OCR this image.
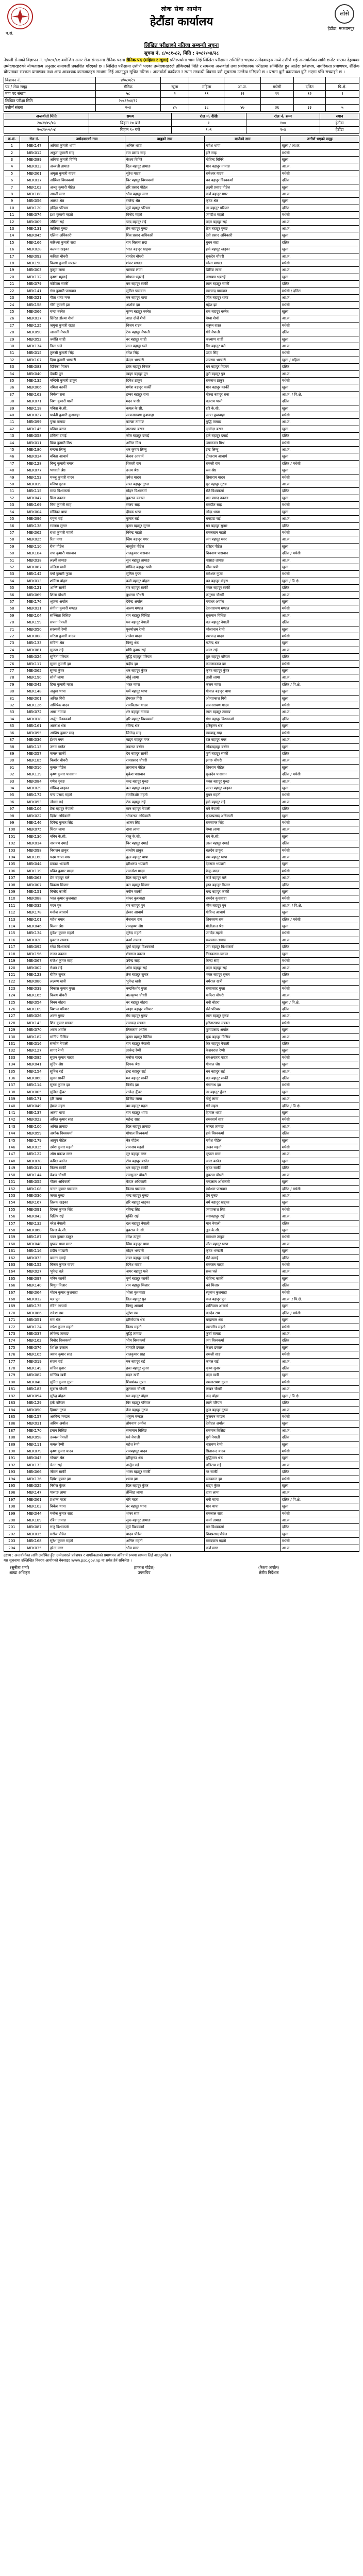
लोक सेवा आयोग
हेटौंडा कार्यालय
लोसे
हेटौंडा, मकवानपुर
प.सं.
लिखित परीक्षाको नतिजा सम्बन्धी सूचना
सूचना नं. ८/०८१-८२, मिति : २०८१/०४/२८
नेपाली सेनाको विज्ञापन नं. ४/०८०/८१ बमोजिम अमर सेना संगठनमा सैनिक पदमा सैनिक पद (महिला र खुला) प्रतिस्पर्धामा भाग लिई लिखित परीक्षामा सम्मिलित भएका उम्मेदवारहरु मध्ये उत्तीर्ण भई अन्तर्वार्ताका लागि छनोट भएका देहायका उम्मेदवारहरुको योग्यताक्रम अनुसार नामावली प्रकाशित गरिएको छ । लिखित परीक्षामा उत्तीर्ण भएका उम्मेदवारहरुले तोकिएको मिति र समयमा अन्तर्वार्ता तथा प्रयोगात्मक परीक्षामा सम्मिलित हुन आउँदा प्रवेशपत्र, नागरिकता प्रमाणपत्र, शैक्षिक योग्यताका सक्कल प्रमाणपत्र तथा अन्य आवश्यक कागजातहरु साथमा लिई आउनुहुन सूचित गरिन्छ । अन्तर्वार्ता कार्यक्रम र स्थान सम्बन्धी विवरण यसै सूचनामा उल्लेख गरिएको छ । यसमा कुनै कारणवश त्रुटि भएमा पछि सच्याइने छ ।
विज्ञापन नं.	४/०८०/८१						
पद / सेवा समूह	सैनिक	खुला	महिला	आ.ज.	मधेसी	दलित	पि.क्षे.
माग पद संख्या	५८	२	११	१२	११	१२	१
लिखित परीक्षा मिति	२०८१/०४/१२						
उत्तीर्ण संख्या	२०४	४५	३८	४७	३६	३३	५
अन्तर्वार्ता मिति	समय	रोल नं. देखि	रोल नं. सम्म	स्थान
२०८१/०५/०३	बिहान १० बजे	१	१००	हेटौंडा
२०८१/०५/०४	बिहान १० बजे	१०१	२०४	हेटौंडा
क्र.सं.	रोल नं.	उम्मेदवारको नाम	बाबुको नाम	बाजेको नाम	उत्तीर्ण भएको समूह
1	MEK147	अनिता कुमारी थापा	अनिल थापा	गणेश थापा	खुला / आ.ज.
2	MEK012	अनुजा कुमारी साह	राम प्रसाद साह	हरि साह	मधेसी
3	MEK089	अनिषा कुमारी घिमिरे	केशव घिमिरे	गोविन्द घिमिरे	खुला
4	MEK033	अन्जली तामाङ	दिल बहादुर तामाङ	मान बहादुर तामाङ	आ.ज.
5	MEK061	अमृता कुमारी यादव	सुरेश यादव	रामेश्वर यादव	मधेसी
6	MEK017	अस्मिता विश्वकर्मा	बिर बहादुर विश्वकर्मा	धन बहादुर विश्वकर्मा	दलित
7	MEK102	अञ्जु कुमारी पौडेल	हरि प्रसाद पौडेल	लक्ष्मी प्रसाद पौडेल	खुला
8	MEK188	आरती मगर	भीम बहादुर मगर	कर्ण बहादुर मगर	आ.ज.
9	MEK056	आस्था श्रेष्ठ	राजेन्द्र श्रेष्ठ	कृष्ण श्रेष्ठ	खुला
10	MEK120	इन्दिरा परियार	सुर्य बहादुर परियार	नर बहादुर परियार	दलित
11	MEK074	इशा कुमारी महतो	विनोद महतो	जगदीश महतो	मधेसी
12	MEK009	उर्मिला राई	चन्द्र बहादुर राई	पदम बहादुर राई	आ.ज.
13	MEK131	ऋतिका गुरुङ	प्रेम बहादुर गुरुङ	तेज बहादुर गुरुङ	आ.ज.
14	MEK045	एलिना अधिकारी	शिव प्रसाद अधिकारी	देवी प्रसाद अधिकारी	खुला
15	MEK166	करिश्मा कुमारी सदा	राम विलास सदा	बुधन सदा	दलित
16	MEK028	कल्पना खड्का	भरत बहादुर खड्का	हर्क बहादुर खड्का	खुला
17	MEK093	कविता चौधरी	रामदेव चौधरी	सुकदेव चौधरी	आ.ज.
18	MEK150	किरण कुमारी मण्डल	शंकर मण्डल	भोला मण्डल	मधेसी
19	MEK003	कुसुम लामा	पासाङ लामा	छिरिङ लामा	आ.ज.
20	MEK112	कृष्णा भट्टराई	गोपाल भट्टराई	नारायण भट्टराई	खुला
21	MEK079	कोपिला सार्की	बम बहादुर सार्की	लाल बहादुर सार्की	दलित
22	MEK141	गंगा कुमारी पासवान	सुनिल पासवान	रामचन्द्र पासवान	मधेसी / दलित
23	MEK021	गीता थापा मगर	मन बहादुर थापा	जीत बहादुर थापा	आ.ज.
24	MEK158	गौरी कुमारी झा	अशोक झा	महेश झा	मधेसी
25	MEK066	चन्दा बस्नेत	कृष्ण बहादुर बस्नेत	राम बहादुर बस्नेत	खुला
26	MEK037	छिरिङ डोल्मा शेर्पा	आङ दोर्जे शेर्पा	पेम्बा शेर्पा	आ.ज.
27	MEK125	जमुना कुमारी राउत	विजय राउत	शत्रुघ्न राउत	मधेसी
28	MEK090	जानकी नेपाली	टेक बहादुर नेपाली	गोरे नेपाली	दलित
29	MEK052	ज्योति शाही	नर बहादुर शाही	कल्याण शाही	खुला
30	MEK174	डिला घले	सन्त बहादुर घले	बिर बहादुर घले	आ.ज.
31	MEK015	तुलसी कुमारी सिंह	रमेश सिंह	उदय सिंह	मधेसी
32	MEK107	दिपा कुमारी भण्डारी	केदार भण्डारी	जयराम भण्डारी	खुला / महिला
33	MEK083	दिपिका मिजार	हस्त बहादुर मिजार	धन बहादुर मिजार	दलित
34	MEK040	देवकी पुन	खड्ग बहादुर पुन	पुर्ण बहादुर पुन	आ.ज.
35	MEK135	नन्दिनी कुमारी ठाकुर	दिनेश ठाकुर	रामनाथ ठाकुर	मधेसी
36	MEK006	नमिता कार्की	गणेश बहादुर कार्की	मान बहादुर कार्की	खुला
37	MEK163	निर्मला राना	डम्बर बहादुर राना	गोरख बहादुर राना	आ.ज. / पि.क्षे.
38	MEK071	निशा कुमारी पासी	मदन पासी	बलराम पासी	दलित
39	MEK118	पवित्रा के.सी.	कमल के.सी.	हरि के.सी.	खुला
40	MEK027	पार्वती कुमारी कुशवाहा	सत्यनारायण कुशवाहा	जगत कुशवाहा	मधेसी
41	MEK099	पुजा तामाङ	कान्छा तामाङ	बुद्धि तामाङ	आ.ज.
42	MEK145	प्रतिमा बराल	नारायण बराल	दामोदर बराल	खुला
43	MEK058	प्रमिला दमाई	जीत बहादुर दमाई	हर्क बहादुर दमाई	दलित
44	MEK011	प्रिया कुमारी मिश्र	अनिल मिश्र	उमाकान्त मिश्र	मधेसी
45	MEK180	बन्दना लिम्बु	धन कुमार लिम्बु	इन्द्र लिम्बु	आ.ज.
46	MEK034	बबिता आचार्य	केशव आचार्य	टीकाराम आचार्य	खुला
47	MEK128	बिन्दु कुमारी चमार	शिवजी राम	रामजी राम	दलित / मधेसी
48	MEK077	भगवती श्रेष्ठ	उत्तम श्रेष्ठ	रत्न श्रेष्ठ	खुला
49	MEK153	मञ्जु कुमारी यादव	उमेश यादव	सियाराम यादव	मधेसी
50	MEK019	मनिषा गुरुङ	लाल बहादुर गुरुङ	सुर बहादुर गुरुङ	आ.ज.
51	MEK115	माया विश्वकर्मा	मोहन विश्वकर्मा	सेते विश्वकर्मा	दलित
52	MEK047	मिना ढकाल	युवराज ढकाल	पद्म प्रसाद ढकाल	खुला
53	MEK169	मिरा कुमारी साह	संजय साह	रामप्रीत साह	मधेसी
54	MEK004	मोनिका थापा	दीपक थापा	नरेन्द्र थापा	खुला
55	MEK096	यमुना राई	कुमार राई	धनहाङ राई	आ.ज.
56	MEK138	रञ्जना सुनार	कृष्ण बहादुर सुनार	मन बहादुर सुनार	दलित
57	MEK062	राधा कुमारी महतो	बिरेन्द्र महतो	रामलखन महतो	मधेसी
58	MEK025	रिता मगर	खिम बहादुर मगर	जंग बहादुर मगर	आ.ज.
59	MEK110	रीना पौडेल	बासुदेव पौडेल	हरिहर पौडेल	खुला
60	MEK184	रुपा कुमारी पासवान	राजकुमार पासवान	शिवनाथ पासवान	दलित / मधेसी
61	MEK038	लक्ष्मी तामाङ	सुन बहादुर तामाङ	पासाङ तामाङ	आ.ज.
62	MEK087	ललिता खत्री	गोविन्द बहादुर खत्री	भीम खत्री	खुला
63	MEK142	वर्षा कुमारी गुप्ता	सुनिल गुप्ता	रामेश्वर गुप्ता	मधेसी
64	MEK013	शर्मिला बोहरा	कर्ण बहादुर बोहरा	धन बहादुर बोहरा	खुला / पि.क्षे.
65	MEK121	शान्ति सार्की	रण बहादुर सार्की	भक्त बहादुर सार्की	दलित
66	MEK069	शिला चौधरी	बुधराम चौधरी	फगुराम चौधरी	आ.ज.
67	MEK176	श्रृजना अर्याल	देवेन्द्र अर्याल	गंगाधर अर्याल	खुला
68	MEK031	संगीता कुमारी मण्डल	अरुण मण्डल	देवनारायण मण्डल	मधेसी
69	MEK104	सञ्जिता घिसिङ	राम बहादुर घिसिङ	सुकमान घिसिङ	आ.ज.
70	MEK159	सपना नेपाली	धन बहादुर नेपाली	बल बहादुर नेपाली	दलित
71	MEK050	सरस्वती रेग्मी	पुरुषोत्तम रेग्मी	भोलानाथ रेग्मी	खुला
72	MEK008	सरिता कुमारी यादव	राजेश यादव	रामचन्द्र यादव	मधेसी
73	MEK133	सविना श्रेष्ठ	विष्णु श्रेष्ठ	गजेन्द्र श्रेष्ठ	खुला
74	MEK081	सुजता राई	मणि कुमार राई	अमर राई	आ.ज.
75	MEK024	सुनिता परियार	बुद्धि बहादुर परियार	तुल बहादुर परियार	दलित
76	MEK117	सुमन कुमारी झा	प्रदीप झा	कमलाकान्त झा	मधेसी
77	MEK065	सुष्मा कुँवर	धन बहादुर कुँवर	कृष्ण बहादुर कुँवर	खुला
78	MEK190	सोनी लामा	नोर्बु लामा	ताशी लामा	आ.ज.
79	MEK042	हिमा कुमारी महरा	भरत महरा	कलम महरा	दलित / पि.क्षे.
80	MEK148	अनुसा थापा	धर्म बहादुर थापा	गोपाल बहादुर थापा	खुला
81	MEK001	अपिल गिरी	हेमराज गिरी	ओमप्रकाश गिरी	खुला
82	MEK126	अभिषेक यादव	रामविलास यादव	जयनारायण यादव	मधेसी
83	MEK072	अमर तामाङ	शेर बहादुर तामाङ	लाल बहादुर तामाङ	आ.ज.
84	MEK018	अर्जुन विश्वकर्मा	हरि बहादुर विश्वकर्मा	गंगा बहादुर विश्वकर्मा	दलित
85	MEK161	आकाश श्रेष्ठ	रविन्द्र श्रेष्ठ	हरिकृष्ण श्रेष्ठ	खुला
86	MEK095	आशिष कुमार साह	जितेन्द्र साह	रामबाबु साह	मधेसी
87	MEK036	ईश्वर मगर	खड्ग बहादुर मगर	दल बहादुर मगर	आ.ज.
88	MEK113	उत्तम बस्नेत	नवराज बस्नेत	लोकबहादुर बस्नेत	खुला
89	MEK057	कमल सार्की	देव बहादुर सार्की	पुर्ण बहादुर सार्की	दलित
90	MEK185	किशोर चौधरी	रामप्रसाद चौधरी	झगरु चौधरी	आ.ज.
91	MEK010	कुमार पौडेल	तारानाथ पौडेल	शिवराम पौडेल	खुला
92	MEK139	कृष्ण कुमार पासवान	मुकेश पासवान	सुखदेव पासवान	दलित / मधेसी
93	MEK084	गणेश गुरुङ	चन्द्र बहादुर गुरुङ	भक्त बहादुर गुरुङ	आ.ज.
94	MEK029	गोविन्द खड्का	बल बहादुर खड्का	जगत बहादुर खड्का	खुला
95	MEK172	चन्द्र प्रसाद महतो	रामकिशोर महतो	बुधन महतो	मधेसी
96	MEK053	जीवन राई	टंक बहादुर राई	हर्क बहादुर राई	आ.ज.
97	MEK106	टेक बहादुर नेपाली	मान बहादुर नेपाली	धने नेपाली	दलित
98	MEK022	दिनेश अधिकारी	भोजराज अधिकारी	कृष्णप्रसाद अधिकारी	खुला
99	MEK146	दिपेन्द्र कुमार सिंह	अजय सिंह	रामसागर सिंह	मधेसी
100	MEK075	धिरज लामा	दावा लामा	पेम्बा लामा	आ.ज.
101	MEK130	नविन के.सी.	राजु के.सी.	बम के.सी.	खुला
102	MEK014	नारायण दमाई	बिर बहादुर दमाई	लाल बहादुर दमाई	दलित
103	MEK098	निराजन ठाकुर	सन्तोष ठाकुर	बलदेव ठाकुर	मधेसी
104	MEK160	पदम थापा मगर	कुल बहादुर थापा	राम बहादुर थापा	आ.ज.
105	MEK044	प्रकाश भण्डारी	हरिशरण भण्डारी	देवराज भण्डारी	खुला
106	MEK119	प्रविन कुमार यादव	रामनरेश यादव	फेकु यादव	मधेसी
107	MEK063	प्रेम बहादुर घले	डिल बहादुर घले	कर्ण बहादुर घले	आ.ज.
108	MEK007	बिकास मिजार	बल बहादुर मिजार	हस्त बहादुर मिजार	दलित
109	MEK151	बिनोद कार्की	नवीन कार्की	चन्द्र बहादुर कार्की	खुला
110	MEK088	भरत कुमार कुशवाहा	शंकर कुशवाहा	रामदेव कुशवाहा	मधेसी
111	MEK032	मदन पुन	रण बहादुर पुन	भीम बहादुर पुन	आ.ज. / पि.क्षे.
112	MEK178	मनोज आचार्य	ईश्वर आचार्य	गोविन्द आचार्य	खुला
113	MEK101	महेश चमार	बैजनाथ राम	शिवचरण राम	दलित / मधेसी
114	MEK046	मिलन श्रेष्ठ	रामकृष्ण श्रेष्ठ	मोतीलाल श्रेष्ठ	खुला
115	MEK134	मुकेश कुमार महतो	सुरेन्द्र महतो	जगदेव महतो	मधेसी
116	MEK020	युवराज तामाङ	कर्मा तामाङ	सन्तमान तामाङ	आ.ज.
117	MEK092	रमेश विश्वकर्मा	दुर्गा बहादुर विश्वकर्मा	जंग बहादुर विश्वकर्मा	दलित
118	MEK156	राजन ढकाल	शेषराज ढकाल	तिलकराम ढकाल	खुला
119	MEK067	राजेश कुमार साह	उपेन्द्र साह	बिन्दा साह	मधेसी
120	MEK002	रोशन राई	ओम बहादुर राई	पदम बहादुर राई	आ.ज.
121	MEK123	रोहित सुनार	तेज बहादुर सुनार	भक्त बहादुर सुनार	दलित
122	MEK080	लक्ष्मण खत्री	भुपेन्द्र खत्री	धर्मराज खत्री	खुला
123	MEK039	विकास कुमार गुप्ता	नन्दकिशोर गुप्ता	रामप्रसाद गुप्ता	मधेसी
124	MEK165	विजय चौधरी	बालकृष्ण चौधरी	फकिरा चौधरी	आ.ज.
125	MEK054	विनय बोहरा	नर बहादुर बोहरा	धनी बोहरा	खुला / पि.क्षे.
126	MEK109	विशाल परियार	खड्ग बहादुर परियार	सेते परियार	दलित
127	MEK026	शंकर गुरुङ	मेघ बहादुर गुरुङ	लाल बहादुर गुरुङ	आ.ज.
128	MEK143	शिव कुमार मण्डल	रामचन्द्र मण्डल	हरिनारायण मण्डल	मधेसी
129	MEK070	श्याम अर्याल	लिलाराम अर्याल	पुण्यप्रसाद अर्याल	खुला
130	MEK182	सन्दिप घिसिङ	कृष्ण बहादुर घिसिङ	सुक बहादुर घिसिङ	आ.ज.
131	MEK016	सन्तोष नेपाली	राम बहादुर नेपाली	बिर बहादुर नेपाली	दलित
132	MEK127	सागर रेग्मी	ज्ञानेन्द्र रेग्मी	केशवराज रेग्मी	खुला
133	MEK085	सुजन कुमार यादव	मनोज यादव	रामअवतार यादव	मधेसी
134	MEK041	सुदिप श्रेष्ठ	दिपक श्रेष्ठ	गोपाल श्रेष्ठ	खुला
135	MEK154	सुनिल राई	इन्द्र बहादुर राई	धन बहादुर राई	आ.ज.
136	MEK060	सुमन सार्की	मन बहादुर सार्की	बल बहादुर सार्की	दलित
137	MEK114	सुरज कुमार झा	विनोद झा	गंगानाथ झा	मधेसी
138	MEK005	सुशिल कुँवर	राजेन्द्र कुँवर	नर बहादुर कुँवर	खुला
139	MEK171	हरि लामा	छिरिङ लामा	नोर्बु लामा	आ.ज.
140	MEK049	हेमन्त महरा	बम बहादुर महरा	गोरे महरा	दलित / पि.क्षे.
141	MEK137	अजय थापा	राम बहादुर थापा	हिमाल थापा	खुला
142	MEK023	अनिल कुमार साह	महेन्द्र साह	रामस्वार्थ साह	मधेसी
143	MEK100	अमित तामाङ	दिल बहादुर तामाङ	कान्छा तामाङ	आ.ज.
144	MEK059	अशोक विश्वकर्मा	गोपाल विश्वकर्मा	हर्क विश्वकर्मा	दलित
145	MEK179	आयुष पौडेल	नेत्र पौडेल	गणेश पौडेल	खुला
146	MEK035	उमेश कुमार महतो	रामनाथ महतो	लखन महतो	मधेसी
147	MEK122	ओम प्रकाश मगर	सुर बहादुर मगर	भुपाल मगर	आ.ज.
148	MEK078	कपिल बस्नेत	टोप बहादुर बस्नेत	अमर बस्नेत	खुला
149	MEK011	किरण सार्की	धन बहादुर सार्की	कृष्ण सार्की	दलित
150	MEK144	केशव चौधरी	रामसुन्दर चौधरी	बुधराम चौधरी	आ.ज.
151	MEK055	गौतम अधिकारी	केदार अधिकारी	नन्दलाल अधिकारी	खुला
152	MEK108	चन्दन कुमार पासवान	विजय पासवान	रामेश्वर पासवान	दलित / मधेसी
153	MEK030	जगत गुरुङ	चन्द्र बहादुर गुरुङ	प्रेम गुरुङ	आ.ज.
154	MEK167	तिलक खड्का	हरि बहादुर खड्का	धर्म बहादुर खड्का	खुला
155	MEK091	दिपक कुमार सिंह	रविन्द्र सिंह	जयप्रकाश सिंह	मधेसी
156	MEK043	दिलिप राई	मुक्ति राई	जसबहादुर राई	आ.ज.
157	MEK132	नरेश नेपाली	दल बहादुर नेपाली	मान नेपाली	दलित
158	MEK068	निरज के.सी.	युवराज के.सी.	तुल के.सी.	खुला
159	MEK187	पवन कुमार ठाकुर	रमेश ठाकुर	रामाधार ठाकुर	मधेसी
160	MEK048	पुष्कर थापा मगर	खिम बहादुर थापा	जीत बहादुर थापा	आ.ज.
161	MEK116	प्रदीप भण्डारी	मोहन भण्डारी	कृष्ण भण्डारी	खुला
162	MEK073	बसन्त दमाई	लाल बहादुर दमाई	सेते दमाई	दलित
163	MEK152	बिजय कुमार यादव	दिनेश यादव	रामफल यादव	मधेसी
164	MEK027	भुपेन्द्र घले	अमर बहादुर घले	सन्त घले	आ.ज.
165	MEK097	मनिष कार्की	पुर्ण बहादुर कार्की	गोविन्द कार्की	खुला
166	MEK140	मिथुन मिजार	राम बहादुर मिजार	धने मिजार	दलित
167	MEK064	मोहन कुमार कुशवाहा	भोला कुशवाहा	रघुनाथ कुशवाहा	मधेसी
168	MEK012	यज्ञ पुन	डिल बहादुर पुन	कल बहादुर पुन	आ.ज. / पि.क्षे.
169	MEK175	रविन आचार्य	विष्णु आचार्य	शालिग्राम आचार्य	खुला
170	MEK086	राकेश राम	सुरेश राम	बलदेव राम	दलित / मधेसी
171	MEK051	राम श्रेष्ठ	हरिगोपाल श्रेष्ठ	चन्द्रलाल श्रेष्ठ	खुला
172	MEK124	रुपेश कुमार महतो	विनय महतो	रामचरित्र महतो	मधेसी
173	MEK037	लोकेन्द्र तामाङ	बुद्धि तामाङ	फुर्बा तामाङ	आ.ज.
174	MEK162	विनोद विश्वकर्मा	भीम विश्वकर्मा	जंग विश्वकर्मा	दलित
175	MEK076	शिशिर ढकाल	रामहरि ढकाल	केशव ढकाल	खुला
176	MEK105	श्रवण कुमार साह	राजकुमार साह	रामजी साह	मधेसी
177	MEK019	संजय राई	मन बहादुर राई	कमल राई	आ.ज.
178	MEK149	सचिन सुनार	हस्त बहादुर सुनार	कृष्ण सुनार	दलित
179	MEK082	सन्जिव खत्री	मदन खत्री	पदम खत्री	खुला
180	MEK040	सुमित कुमार गुप्ता	शिवशंकर गुप्ता	रामनारायण गुप्ता	मधेसी
181	MEK183	सुबास चौधरी	तुलाराम चौधरी	लखन चौधरी	आ.ज.
182	MEK094	सुरेन्द्र बोहरा	धन बहादुर बोहरा	नन्द बोहरा	खुला / पि.क्षे.
183	MEK129	हर्क परियार	बिर बहादुर परियार	लाले परियार	दलित
184	MEK050	हिमाल गुरुङ	तेज बहादुर गुरुङ	कुल बहादुर गुरुङ	आ.ज.
185	MEK157	अरविन्द मण्डल	शत्रुघ्न मण्डल	फुलचन मण्डल	मधेसी
186	MEK031	अशिम अर्याल	तोयनाथ अर्याल	देवीदत्त अर्याल	खुला
187	MEK170	इमान घिसिङ	सन्तमान घिसिङ	राममान घिसिङ	आ.ज.
188	MEK058	उज्वल नेपाली	धने नेपाली	पुर्ण नेपाली	दलित
189	MEK111	कमल रेग्मी	महेश रेग्मी	नारायण रेग्मी	खुला
190	MEK079	कृष्ण कुमार यादव	रामबहादुर यादव	सितानन्द यादव	मधेसी
191	MEK043	गोपाल श्रेष्ठ	हरिकृष्ण श्रेष्ठ	बुद्धिमान श्रेष्ठ	खुला
192	MEK173	चेतन राई	अर्जुन राई	बलिराम राई	आ.ज.
193	MEK066	जीवन सार्की	भक्त बहादुर सार्की	नर सार्की	दलित
194	MEK136	दिपेश कुमार झा	श्याम झा	रमाकान्त झा	मधेसी
195	MEK025	निरोज कुँवर	दिल बहादुर कुँवर	खड्ग कुँवर	खुला
196	MEK147	पासाङ लामा	तेन्जिङ लामा	दावा लामा	आ.ज.
197	MEK061	प्रशान्त महरा	गोरे महरा	धनी महरा	दलित / पि.क्षे.
198	MEK103	बिकेश थापा	नर बहादुर थापा	मान थापा	खुला
199	MEK044	मनोज कुमार साह	शंकर साह	रामलाल साह	मधेसी
200	MEK189	रबिन तामाङ	सुक बहादुर तामाङ	कर्मा तामाङ	आ.ज.
201	MEK087	राजु विश्वकर्मा	सुर्य विश्वकर्मा	बल विश्वकर्मा	दलित
202	MEK015	सरोज पौडेल	यादव पौडेल	शिवप्रसाद पौडेल	खुला
203	MEK168	सुरेश कुमार महतो	अनिल महतो	रामदयाल महतो	मधेसी
204	MEK035	हरेन्द्र मगर	भीम मगर	कर्ण मगर	आ.ज.
द्रष्टव्य : अन्तर्वार्ताका लागि उपस्थित हुँदा उम्मेदवारले प्रवेशपत्र र नागरिकताको प्रमाणपत्र अनिवार्य रूपमा साथमा लिई आउनुपर्नेछ ।
यस सूचनामा उल्लिखित विवरण आयोगको वेबसाइट www.psc.gov.np मा समेत हेर्न सकिनेछ ।
(सुनीता शर्मा)
शाखा अधिकृत
(प्रकाश पौडेल)
उपसचिव
(केशव अर्याल)
क्षेत्रीय निर्देशक
